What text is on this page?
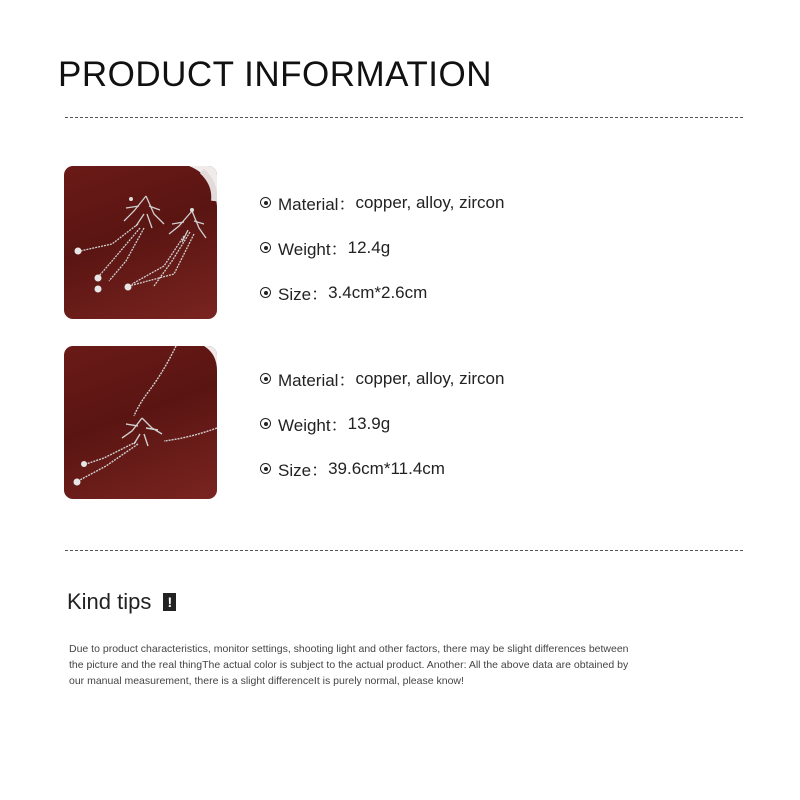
PRODUCT INFORMATION
Material： copper, alloy, zircon
Weight： 12.4g
Size： 3.4cm*2.6cm
Material： copper, alloy, zircon
Weight： 13.9g
Size： 39.6cm*11.4cm
Kind tips !

Due to product characteristics, monitor settings, shooting light and other factors, there may be slight differences between the picture and the real thingThe actual color is subject to the actual product. Another: All the above data are obtained by our manual measurement, there is a slight differenceIt is purely normal, please know!
